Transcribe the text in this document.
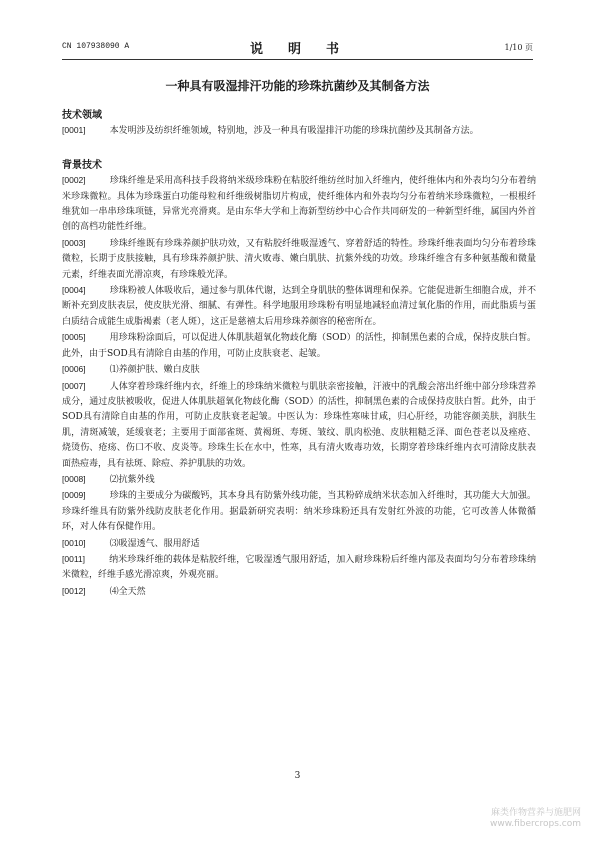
CN 107938090 A	说　明　书	1/10 页
一种具有吸湿排汗功能的珍珠抗菌纱及其制备方法

技术领域

[0001]	本发明涉及纺织纤维领域，特别地，涉及一种具有吸湿排汗功能的珍珠抗菌纱及其制备方法。

背景技术

[0002]	珍珠纤维是采用高科技手段将纳米级珍珠粉在粘胶纤维纺丝时加入纤维内，使纤维体内和外表均匀分布着纳米珍珠微粒。具体为珍珠蛋白功能母粒和纤维级树脂切片构成，使纤维体内和外表均匀分布着纳米珍珠微粒，一根根纤维犹如一串串珍珠项链，异常光亮滑爽。是由东华大学和上海新型纺纱中心合作共同研发的一种新型纤维，属国内外首创的高档功能性纤维。

[0003]	珍珠纤维既有珍珠养颜护肤功效，又有粘胶纤维吸湿透气、穿着舒适的特性。珍珠纤维表面均匀分布着珍珠微粒，长期于皮肤接触，具有珍珠养颜护肤、清火败毒、嫩白肌肤、抗紫外线的功效。珍珠纤维含有多种氨基酸和微量元素，纤维表面光滑凉爽，有珍珠般光泽。

[0004]	珍珠粉被人体吸收后，通过参与肌体代谢，达到全身肌肤的整体调理和保养。它能促进新生细胞合成，并不断补充到皮肤表层，使皮肤光滑、细腻、有弹性。科学地服用珍珠粉有明显地减轻血清过氧化脂的作用，而此脂质与蛋白质结合成能生成脂褐素（老人斑），这正是慈禧太后用珍珠养颜容的秘密所在。

[0005]	用珍珠粉涂面后，可以促进人体肌肤超氧化物歧化酶（SOD）的活性，抑制黑色素的合成，保持皮肤白皙。此外，由于SOD具有清除自由基的作用，可防止皮肤衰老、起皱。

[0006]	⑴养颜护肤、嫩白皮肤

[0007]	人体穿着珍珠纤维内衣，纤维上的珍珠纳米微粒与肌肤亲密接触，汗液中的乳酸会溶出纤维中部分珍珠营养成分，通过皮肤被吸收，促进人体肌肤超氧化物歧化酶（SOD）的活性，抑制黑色素的合成保持皮肤白皙。此外，由于SOD具有清除自由基的作用，可防止皮肤衰老起皱。中医认为：珍珠性寒味甘咸，归心肝经，功能容颜美肤，润肤生肌，清斑减皱，延缓衰老；主要用于面部雀斑、黄褐斑、寿斑、皱纹、肌肉松弛、皮肤粗糙乏泽、面色苍老以及痤疮、烧烫伤、疮疡、伤口不收、皮炎等。珍珠生长在水中，性寒，具有清火败毒功效，长期穿着珍珠纤维内衣可清除皮肤表面热痘毒，具有祛斑、除痘、养护肌肤的功效。

[0008]	⑵抗紫外线

[0009]	珍珠的主要成分为碳酸钙，其本身具有防紫外线功能，当其粉碎成纳米状态加入纤维时，其功能大大加强。珍珠纤维具有防紫外线防皮肤老化作用。据最新研究表明：纳米珍珠粉还具有发射红外波的功能，它可改善人体微循环，对人体有保健作用。

[0010]	⑶吸湿透气、服用舒适

[0011]	纳米珍珠纤维的载体是粘胶纤维，它吸湿透气服用舒适，加入耐珍珠粉后纤维内部及表面均匀分布着珍珠纳米微粒，纤维手感光滑凉爽，外观亮丽。

[0012]	⑷全天然

3
麻类作物营养与施肥网
www.fibercrops.com
